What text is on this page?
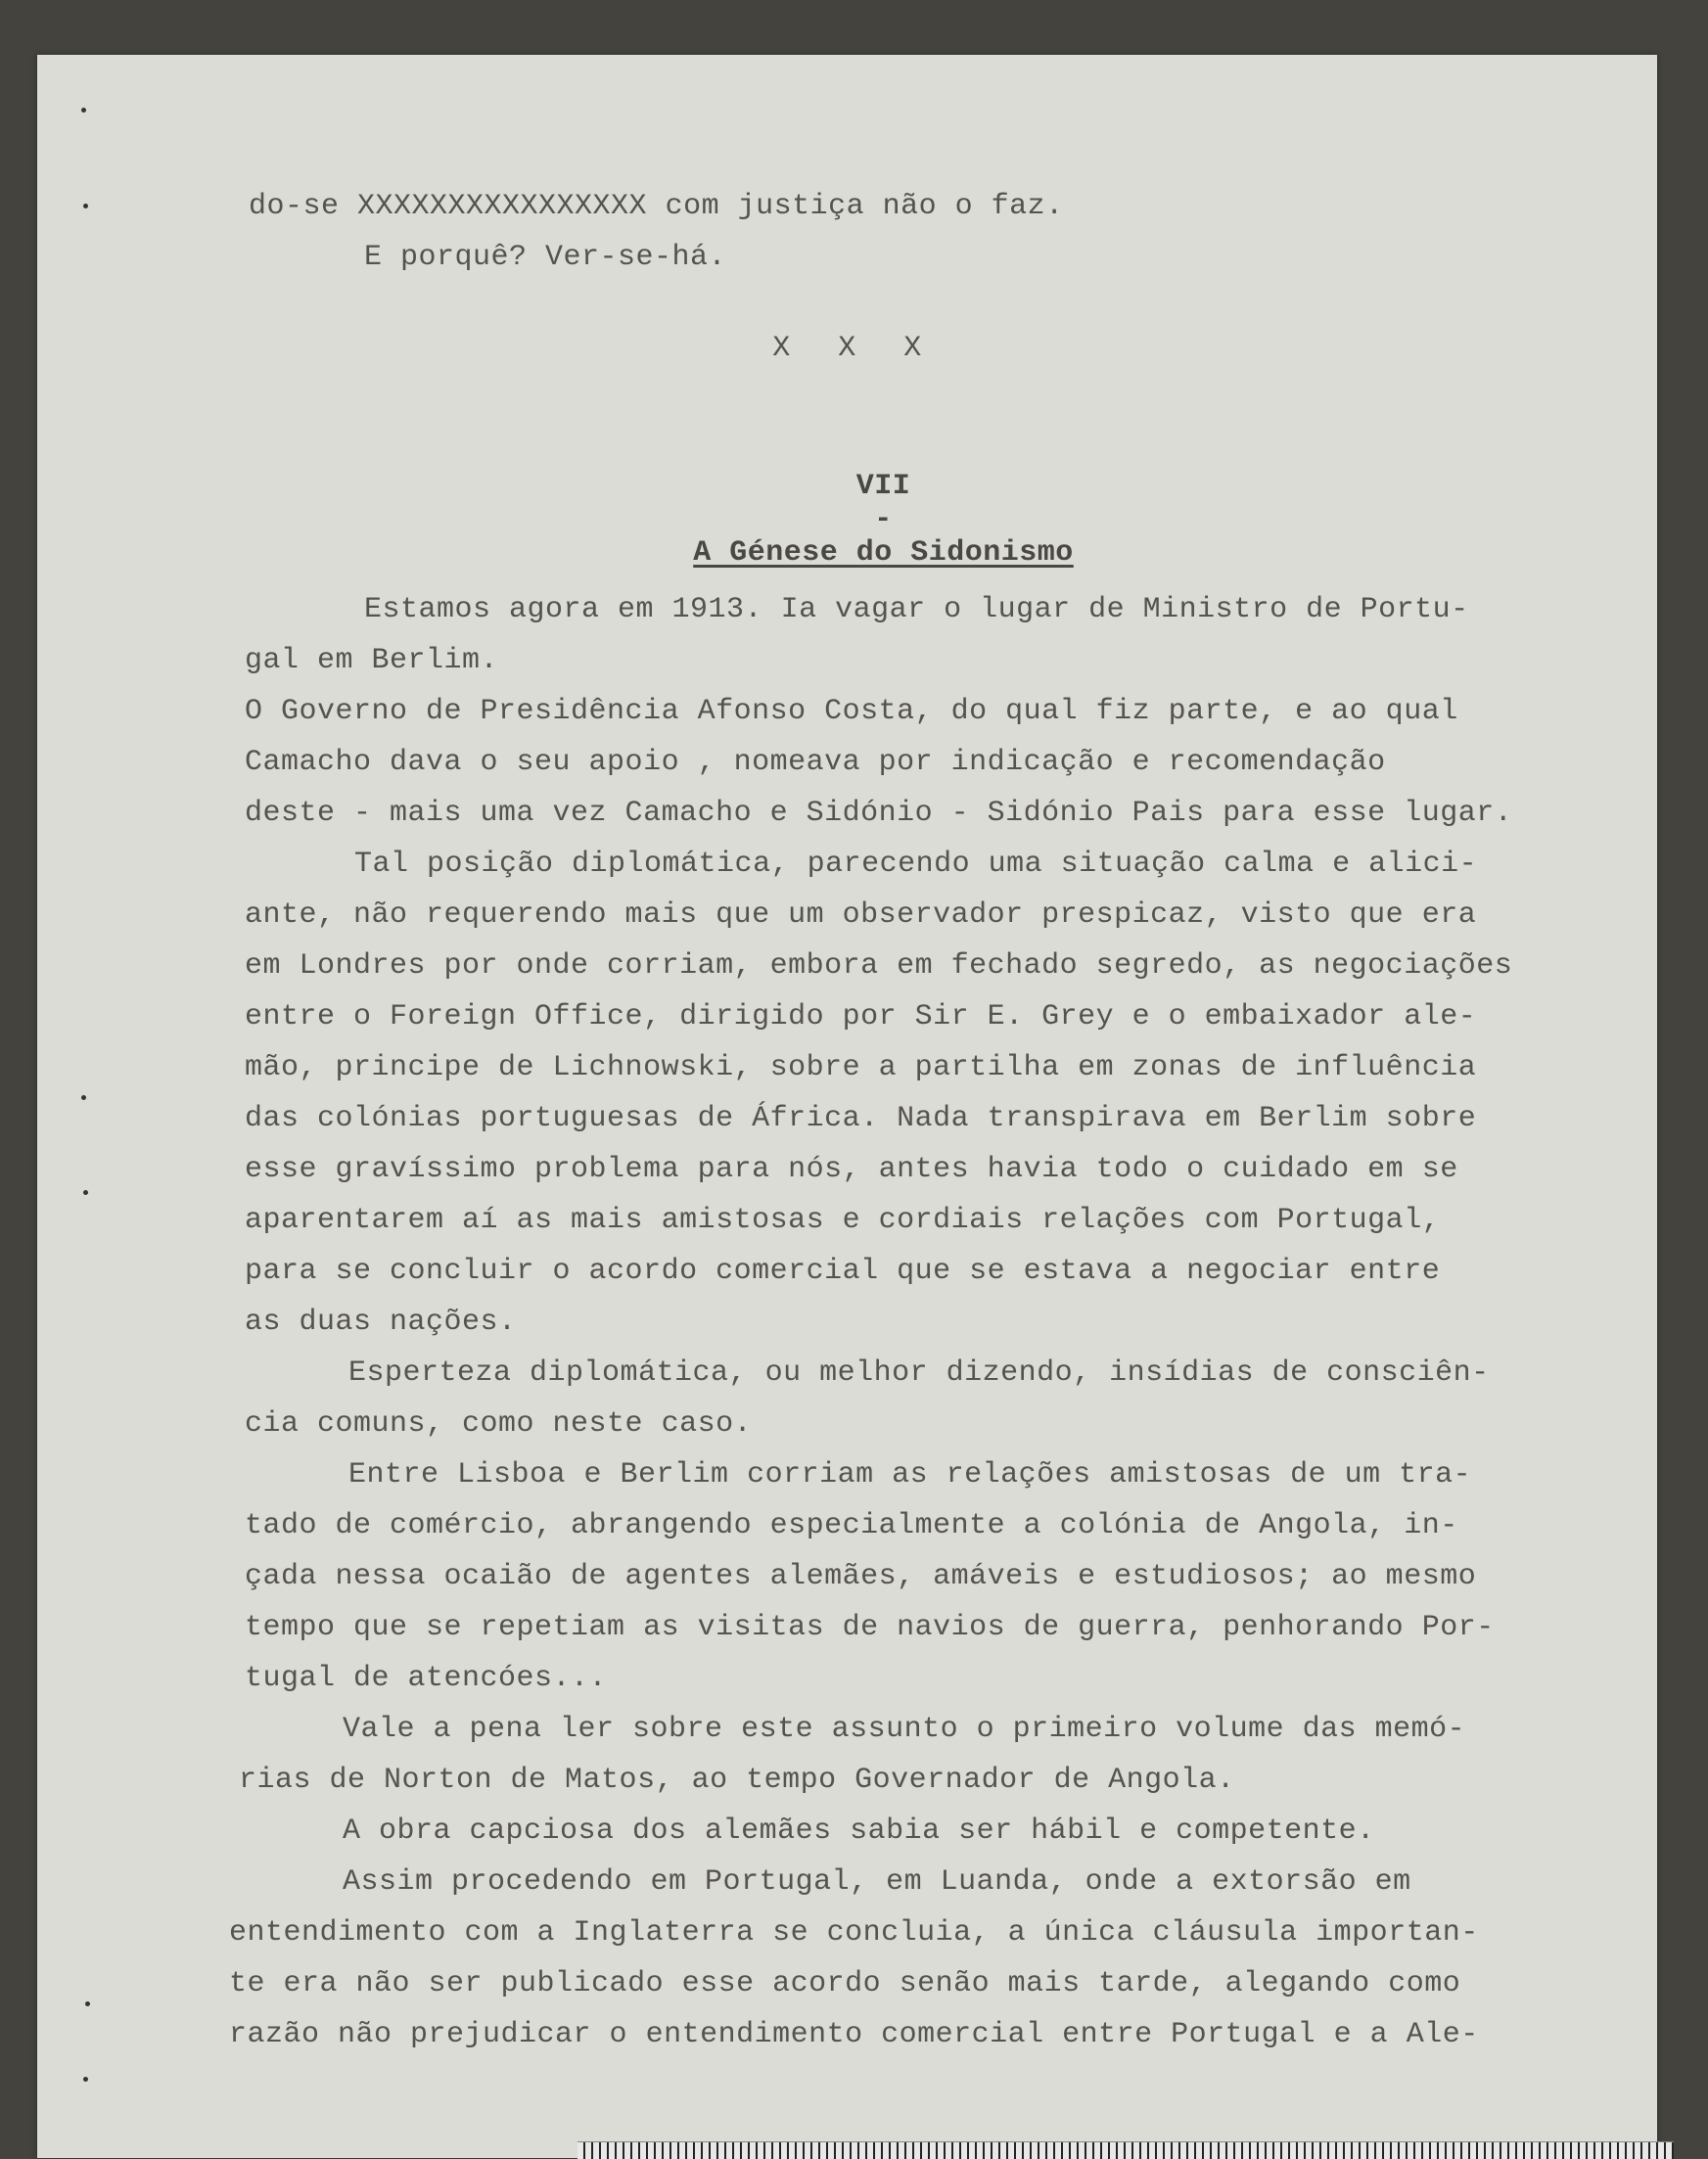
do-se XXXXXXXXXXXXXXXX com justiça não o faz.
E porquê? Ver-se-há.
X X X

VII
-
A Génese do Sidonismo

Estamos agora em 1913. Ia vagar o lugar de Ministro de Portu-
gal em Berlim.
O Governo de Presidência Afonso Costa, do qual fiz parte, e ao qual
Camacho dava o seu apoio , nomeava por indicação e recomendação
deste - mais uma vez Camacho e Sidónio - Sidónio Pais para esse lugar.
Tal posição diplomática, parecendo uma situação calma e alici-
ante, não requerendo mais que um observador prespicaz, visto que era
em Londres por onde corriam, embora em fechado segredo, as negociações
entre o Foreign Office, dirigido por Sir E. Grey e o embaixador ale-
mão, principe de Lichnowski, sobre a partilha em zonas de influência
das colónias portuguesas de África. Nada transpirava em Berlim sobre
esse gravíssimo problema para nós, antes havia todo o cuidado em se
aparentarem aí as mais amistosas e cordiais relações com Portugal,
para se concluir o acordo comercial que se estava a negociar entre
as duas nações.
Esperteza diplomática, ou melhor dizendo, insídias de consciên-
cia comuns, como neste caso.
Entre Lisboa e Berlim corriam as relações amistosas de um tra-
tado de comércio, abrangendo especialmente a colónia de Angola, in-
çada nessa ocaião de agentes alemães, amáveis e estudiosos; ao mesmo
tempo que se repetiam as visitas de navios de guerra, penhorando Por-
tugal de atencóes...
Vale a pena ler sobre este assunto o primeiro volume das memó-
rias de Norton de Matos, ao tempo Governador de Angola.
A obra capciosa dos alemães sabia ser hábil e competente.
Assim procedendo em Portugal, em Luanda, onde a extorsão em
entendimento com a Inglaterra se concluia, a única cláusula importan-
te era não ser publicado esse acordo senão mais tarde, alegando como
razão não prejudicar o entendimento comercial entre Portugal e a Ale-
